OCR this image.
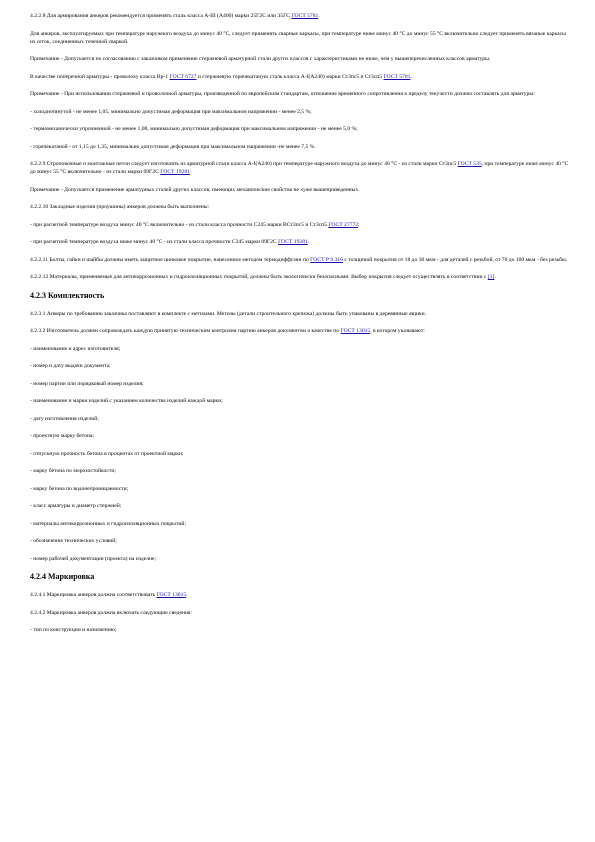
4.2.2.8 Для армирования анкеров рекомендуется применять сталь класса А-III (А400) марки 25Г2С или 35ГС ГОСТ 5781.

Для анкеров, эксплуатируемых при температуре наружного воздуха до минус 40 °С, следует применять сварные каркасы, при температуре ниже минус 40 °С до минус 55 °С включительно следует применять вязаные каркасы из сеток, соединенных точечной сваркой.

Примечание - Допускается по согласованию с заказчиком применение стержневой арматурной стали других классов с характеристиками не ниже, чем у вышеперечисленных классов арматуры.

В качестве поперечной арматуры - проволоку класса Вр-1 ГОСТ 6727 и стержневую горячекатаную сталь класса А-I(А240) марки Ст3пс5 и Ст3сп5 ГОСТ 5781.

Примечание - При использовании стержневой и проволочной арматуры, произведенной по европейским стандартам, отношение временного сопротивления к пределу текучести должно составлять для арматуры:

- холоднотянутой - не менее 1,05, минимально допустимая деформация при максимальном напряжении - менее 2,5 %;

- термомеханически упрочненной - не менее 1,08, минимально допустимая деформация при максимальном напряжении - не менее 5,0 %;

- горячекатаной - от 1,15 до 1,35, минимально допустимая деформация при максимальном напряжении -не менее 7,5 %.

4.2.2.9 Строповочные и монтажные петли следует изготовлять из арматурной стали класса А-I(А240) при температуре наружного воздуха до минус 40 °С - из стали марки Ст3пс5 ГОСТ 535, при температуре ниже минус 40 °С до минус 55 °С включительно - из стали марки 09Г2С ГОСТ 19281.

Примечание - Допускается применение арматурных сталей других классов, имеющих механические свойства не хуже вышеприведенных.

4.2.2.10 Закладные изделия (проушины) анкеров должны быть выполнены:

- при расчетной температуре воздуха минус 40 °С включительно - из стали класса прочности С245 марки ВСт3пс5 и Ст3сп5 ГОСТ 27772;

- при расчетной температуре воздуха ниже минус 40 °С - из стали класса прочности С345 марки 09Г2С ГОСТ 19281.

4.2.2.11 Болты, гайки и шайбы должны иметь защитное цинковое покрытие, нанесенное методом термодиффузии по ГОСТ Р 9.316 с толщиной покрытия от 18 до 30 мкм - для деталей с резьбой, от 70 до 100 мкм - без резьбы.

4.2.2.12 Материалы, применяемые для антикоррозионных и гидроизоляционных покрытий, должны быть экологически безопасными. Выбор покрытия следует осуществлять в соответствии с [1].

4.2.3 Комплектность

4.2.3.1 Анкеры по требованию заказчика поставляют в комплекте с метизами. Метизы (детали строительного крепежа) должны быть упакованы в деревянные ящики.

4.2.3.2 Изготовитель должен сопровождать каждую принятую техническим контролем партию анкеров документом о качестве по ГОСТ 13015, в котором указывают:

- наименование и адрес изготовителя;

- номер и дату выдачи документа;

- номер партии или порядковый номер изделия;

- наименование и марки изделий с указанием количества изделий каждой марки;

- дату изготовления изделий;

- проектную марку бетона;

- отпускную прочность бетона в процентах от проектной марки;

- марку бетона по морозостойкости;

- марку бетона по водонепроницаемости;

- класс арматуры и диаметр стержней;

- материалы антикоррозионных и гидроизоляционных покрытий;

- обозначение технических условий;

- номер рабочей документации (проекта) на изделие;

4.2.4 Маркировка

4.2.4.1 Маркировка анкеров должна соответствовать ГОСТ 13015.

4.2.4.2 Маркировка анкеров должна включать следующие сведения:

- тип по конструкции и назначению;
